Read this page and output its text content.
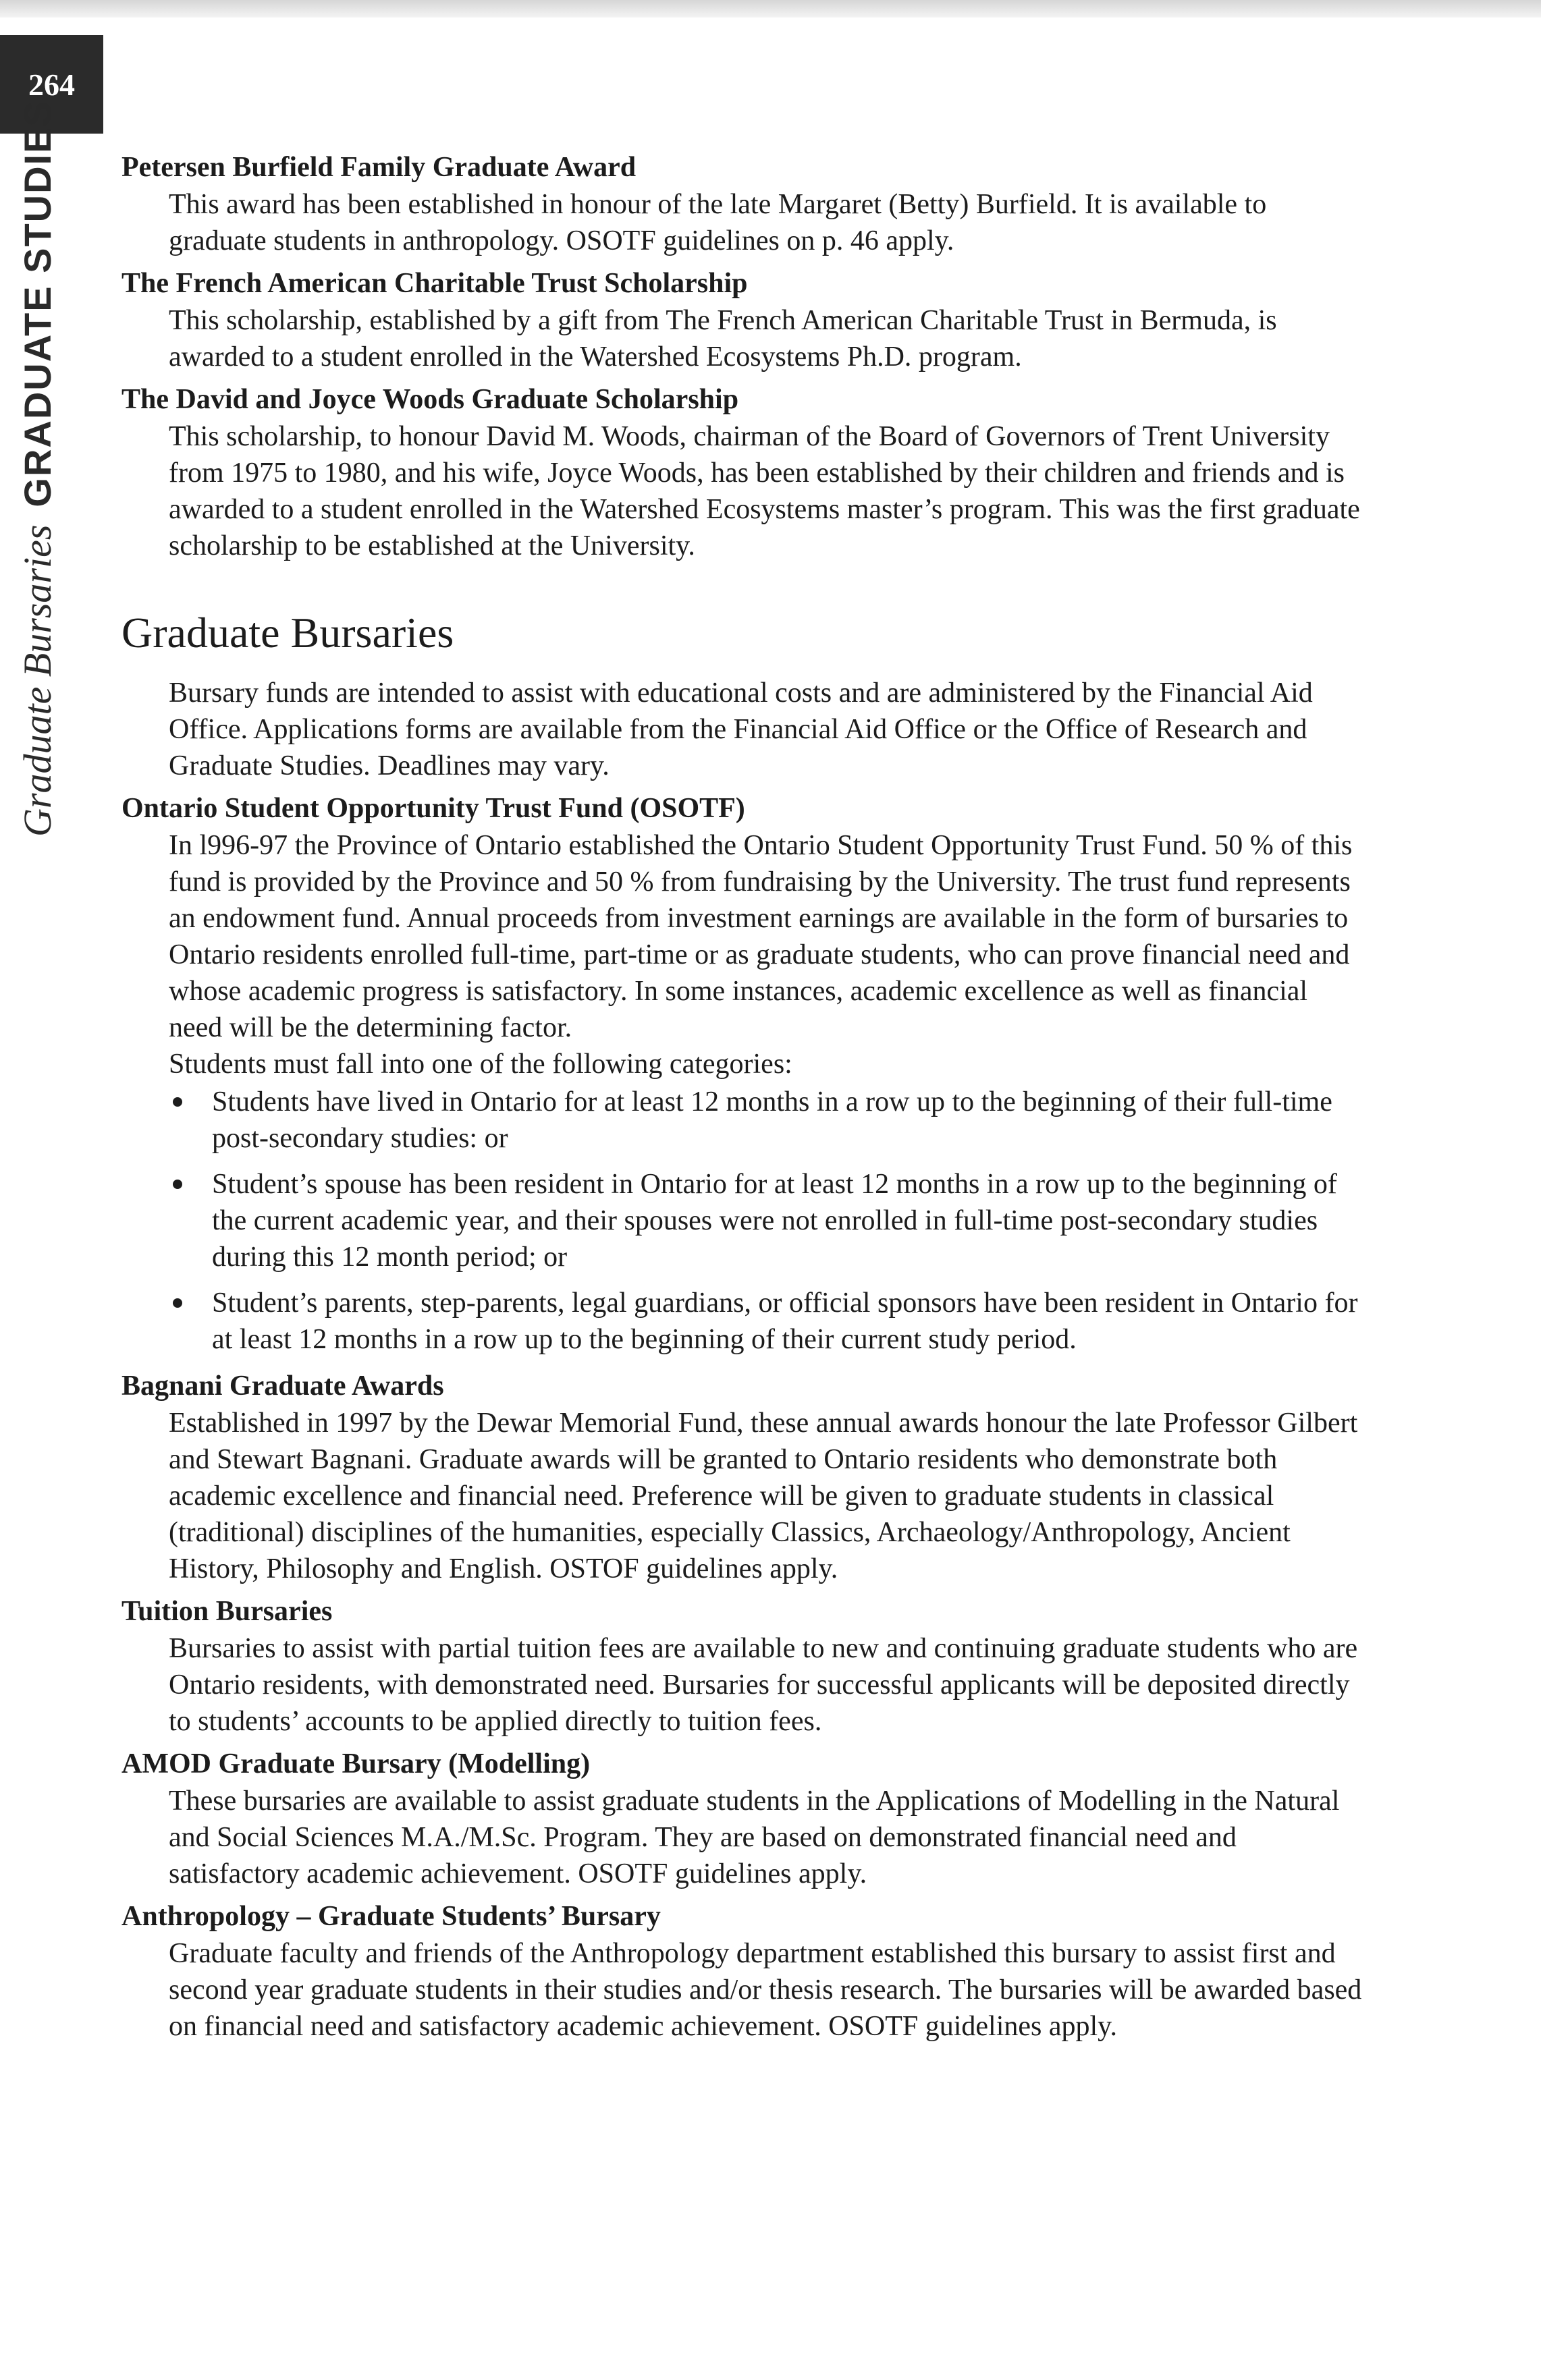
264
Graduate Bursaries
GRADUATE STUDIES Petersen Burfield Family Graduate Award

This award has been established in honour of the late Margaret (Betty) Burfield. It is available to graduate students in anthropology. OSOTF guidelines on p. 46 apply.

The French American Charitable Trust Scholarship

This scholarship, established by a gift from The French American Charitable Trust in Bermuda, is awarded to a student enrolled in the Watershed Ecosystems Ph.D. program.

The David and Joyce Woods Graduate Scholarship

This scholarship, to honour David M. Woods, chairman of the Board of Governors of Trent University from 1975 to 1980, and his wife, Joyce Woods, has been established by their children and friends and is awarded to a student enrolled in the Watershed Ecosystems master’s program. This was the first graduate scholarship to be established at the University.

Graduate Bursaries

Bursary funds are intended to assist with educational costs and are administered by the Financial Aid Office. Applications forms are available from the Financial Aid Office or the Office of Research and Graduate Studies. Deadlines may vary.

Ontario Student Opportunity Trust Fund (OSOTF)

In l996-97 the Province of Ontario established the Ontario Student Opportunity Trust Fund. 50 % of this fund is provided by the Province and 50 % from fundraising by the University. The trust fund represents an endowment fund. Annual proceeds from investment earnings are available in the form of bursaries to Ontario residents enrolled full-time, part-time or as graduate students, who can prove financial need and whose academic progress is satisfactory. In some instances, academic excellence as well as financial need will be the determining factor.

Students must fall into one of the following categories:

Students have lived in Ontario for at least 12 months in a row up to the beginning of their full-time post-secondary studies: or
Student’s spouse has been resident in Ontario for at least 12 months in a row up to the beginning of the current academic year, and their spouses were not enrolled in full-time post-secondary studies during this 12 month period; or
Student’s parents, step-parents, legal guardians, or official sponsors have been resident in Ontario for at least 12 months in a row up to the beginning of their current study period.

Bagnani Graduate Awards

Established in 1997 by the Dewar Memorial Fund, these annual awards honour the late Professor Gilbert and Stewart Bagnani. Graduate awards will be granted to Ontario residents who demonstrate both academic excellence and financial need. Preference will be given to graduate students in classical (traditional) disciplines of the humanities, especially Classics, Archaeology/Anthropology, Ancient History, Philosophy and English. OSTOF guidelines apply.

Tuition Bursaries

Bursaries to assist with partial tuition fees are available to new and continuing graduate students who are Ontario residents, with demonstrated need. Bursaries for successful applicants will be deposited directly to students’ accounts to be applied directly to tuition fees.

AMOD Graduate Bursary (Modelling)

These bursaries are available to assist graduate students in the Applications of Modelling in the Natural and Social Sciences M.A./M.Sc. Program. They are based on demonstrated financial need and satisfactory academic achievement. OSOTF guidelines apply.

Anthropology – Graduate Students’ Bursary

Graduate faculty and friends of the Anthropology department established this bursary to assist first and second year graduate students in their studies and/or thesis research. The bursaries will be awarded based on financial need and satisfactory academic achievement. OSOTF guidelines apply.
